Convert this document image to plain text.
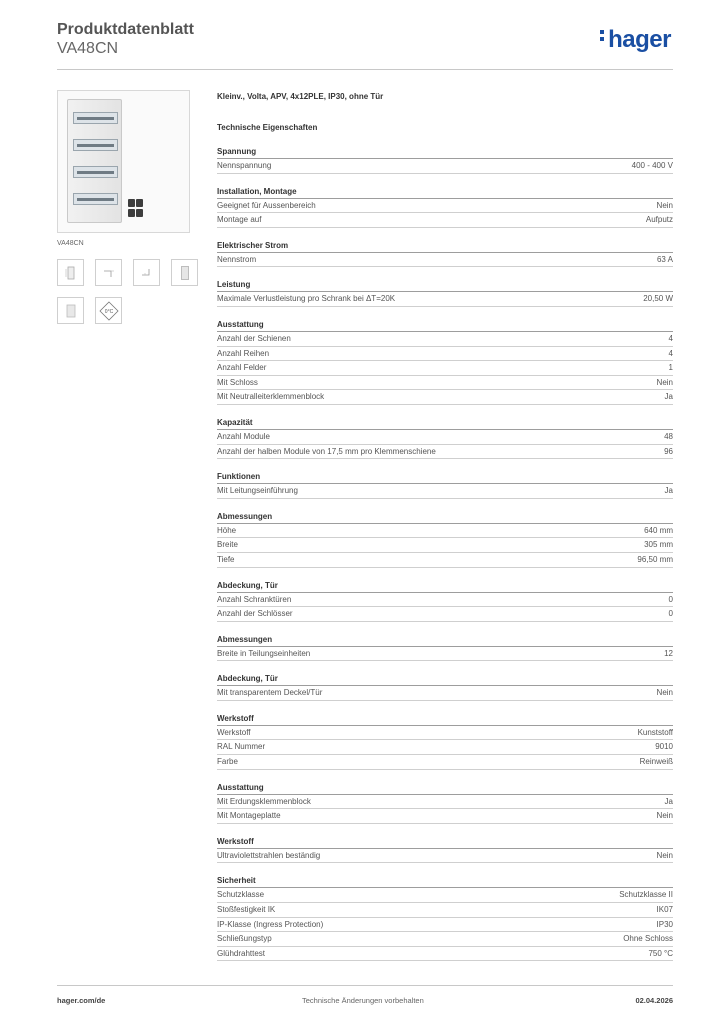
Produktdatenblatt
VA48CN	hager
VA48CN
0°C
Kleinv., Volta, APV, 4x12PLE, IP30, ohne Tür
Technische Eigenschaften
Spannung
Nennspannung	400 - 400 V
Installation, Montage
Geeignet für Aussenbereich	Nein
Montage auf	Aufputz
Elektrischer Strom
Nennstrom	63 A
Leistung
Maximale Verlustleistung pro Schrank bei ΔT=20K	20,50 W
Ausstattung
Anzahl der Schienen	4
Anzahl Reihen	4
Anzahl Felder	1
Mit Schloss	Nein
Mit Neutralleiterklemmenblock	Ja
Kapazität
Anzahl Module	48
Anzahl der halben Module von 17,5 mm pro Klemmenschiene	96
Funktionen
Mit Leitungseinführung	Ja
Abmessungen
Höhe	640 mm
Breite	305 mm
Tiefe	96,50 mm
Abdeckung, Tür
Anzahl Schranktüren	0
Anzahl der Schlösser	0
Abmessungen
Breite in Teilungseinheiten	12
Abdeckung, Tür
Mit transparentem Deckel/Tür	Nein
Werkstoff
Werkstoff	Kunststoff
RAL Nummer	9010
Farbe	Reinweiß
Ausstattung
Mit Erdungsklemmenblock	Ja
Mit Montageplatte	Nein
Werkstoff
Ultraviolettstrahlen beständig	Nein
Sicherheit
Schutzklasse	Schutzklasse II
Stoßfestigkeit IK	IK07
IP-Klasse (Ingress Protection)	IP30
Schließungstyp	Ohne Schloss
Glühdrahttest	750 °C
hager.com/de	Technische Änderungen vorbehalten	02.04.2026
